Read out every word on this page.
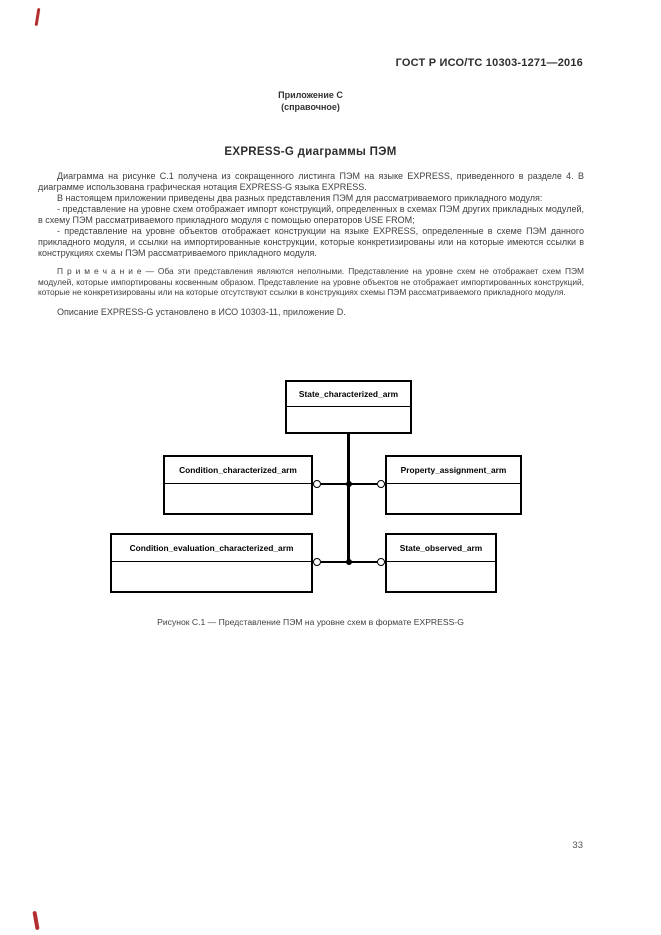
ГОСТ Р ИСО/ТС 10303-1271—2016
Приложение С
(справочное)
EXPRESS-G диаграммы ПЭМ

Диаграмма на рисунке С.1 получена из сокращенного листинга ПЭМ на языке EXPRESS, приведенного в разделе 4. В диаграмме использована графическая нотация EXPRESS-G языка EXPRESS.

В настоящем приложении приведены два разных представления ПЭМ для рассматриваемого прикладного модуля:

- представление на уровне схем отображает импорт конструкций, определенных в схемах ПЭМ других прикладных модулей, в схему ПЭМ рассматриваемого прикладного модуля с помощью операторов USE FROM;

- представление на уровне объектов отображает конструкции на языке EXPRESS, определенные в схеме ПЭМ данного прикладного модуля, и ссылки на импортированные конструкции, которые конкретизированы или на которые имеются ссылки в конструкциях схемы ПЭМ рассматриваемого прикладного модуля.

П р и м е ч а н и е — Оба эти представления являются неполными. Представление на уровне схем не отображает схем ПЭМ модулей, которые импортированы косвенным образом. Представление на уровне объектов не отображает импортированных конструкций, которые не конкретизированы или на которые отсутствуют ссылки в конструкциях схемы ПЭМ рассматриваемого прикладного модуля.

Описание EXPRESS-G установлено в ИСО 10303-11, приложение D.

State_characterized_arm
Condition_characterized_arm	Property_assignment_arm
Condition_evaluation_characterized_arm	State_observed_arm
Рисунок С.1 — Представление ПЭМ на уровне схем в формате EXPRESS-G
33
